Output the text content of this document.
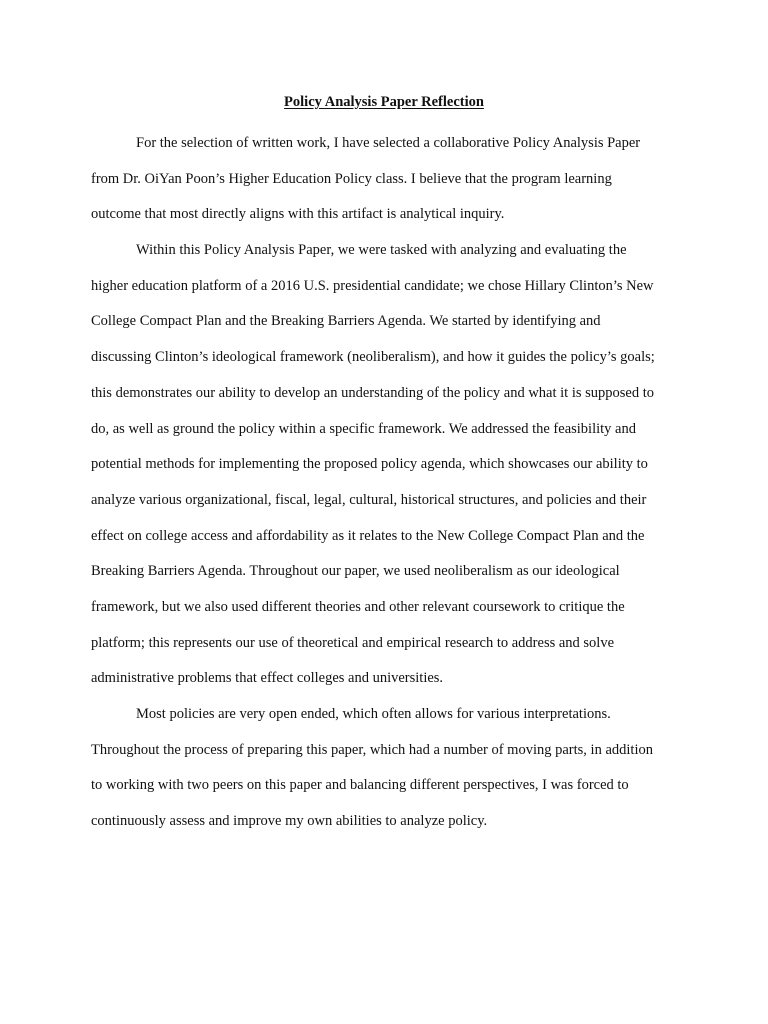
Policy Analysis Paper Reflection
For the selection of written work, I have selected a collaborative Policy Analysis Paper
from Dr. OiYan Poon’s Higher Education Policy class. I believe that the program learning
outcome that most directly aligns with this artifact is analytical inquiry.
Within this Policy Analysis Paper, we were tasked with analyzing and evaluating the
higher education platform of a 2016 U.S. presidential candidate; we chose Hillary Clinton’s New
College Compact Plan and the Breaking Barriers Agenda. We started by identifying and
discussing Clinton’s ideological framework (neoliberalism), and how it guides the policy’s goals;
this demonstrates our ability to develop an understanding of the policy and what it is supposed to
do, as well as ground the policy within a specific framework. We addressed the feasibility and
potential methods for implementing the proposed policy agenda, which showcases our ability to
analyze various organizational, fiscal, legal, cultural, historical structures, and policies and their
effect on college access and affordability as it relates to the New College Compact Plan and the
Breaking Barriers Agenda. Throughout our paper, we used neoliberalism as our ideological
framework, but we also used different theories and other relevant coursework to critique the
platform; this represents our use of theoretical and empirical research to address and solve
administrative problems that effect colleges and universities.
Most policies are very open ended, which often allows for various interpretations.
Throughout the process of preparing this paper, which had a number of moving parts, in addition
to working with two peers on this paper and balancing different perspectives, I was forced to
continuously assess and improve my own abilities to analyze policy.
